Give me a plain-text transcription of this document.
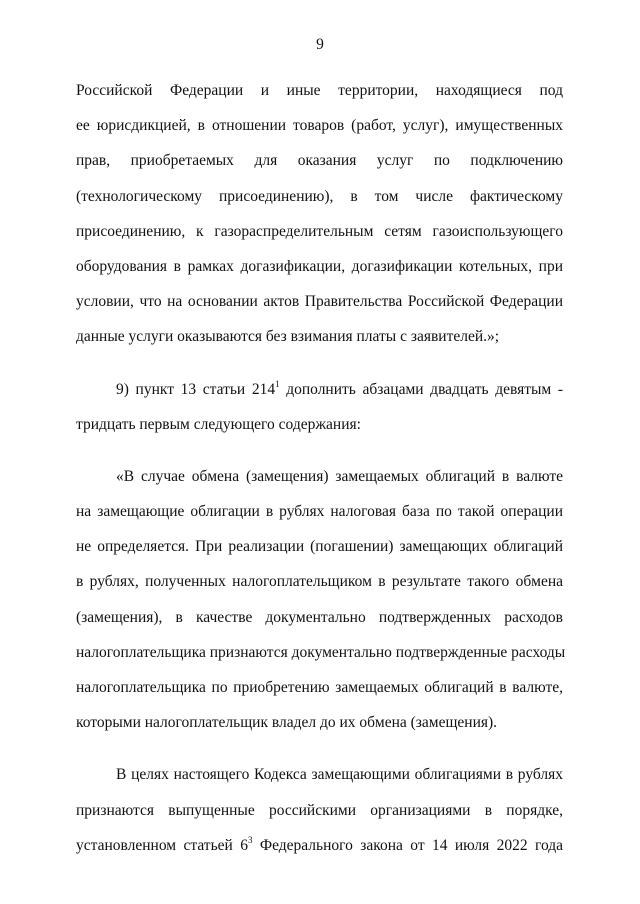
9
Российской Федерации и иные территории, находящиеся под
ее юрисдикцией, в отношении товаров (работ, услуг), имущественных
прав, приобретаемых для оказания услуг по подключению
(технологическому присоединению), в том числе фактическому
присоединению, к газораспределительным сетям газоиспользующего
оборудования в рамках догазификации, догазификации котельных, при
условии, что на основании актов Правительства Российской Федерации
данные услуги оказываются без взимания платы с заявителей.»;
9) пункт 13 статьи $214^1$ дополнить абзацами двадцать девятым -
тридцать первым следующего содержания:
«В случае обмена (замещения) замещаемых облигаций в валюте
на замещающие облигации в рублях налоговая база по такой операции
не определяется. При реализации (погашении) замещающих облигаций
в рублях, полученных налогоплательщиком в результате такого обмена
(замещения), в качестве документально подтвержденных расходов
налогоплательщика признаются документально подтвержденные расходы
налогоплательщика по приобретению замещаемых облигаций в валюте,
которыми налогоплательщик владел до их обмена (замещения).
В целях настоящего Кодекса замещающими облигациями в рублях
признаются выпущенные российскими организациями в порядке,
установленном статьей $6^3$ Федерального закона от 14 июля 2022 года
